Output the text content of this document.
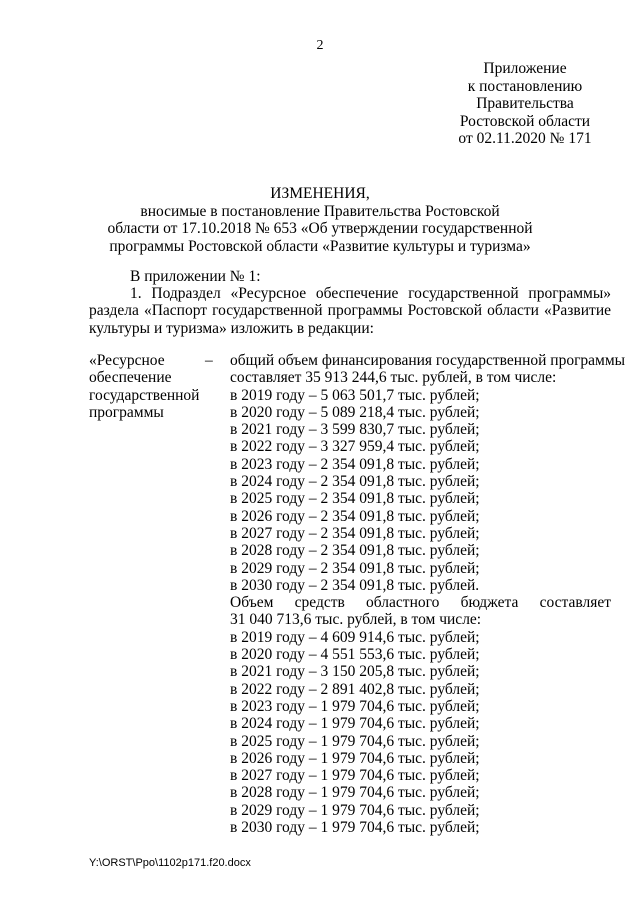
2
Приложение
к постановлению
Правительства
Ростовской области
от 02.11.2020 № 171
ИЗМЕНЕНИЯ,
вносимые в постановление Правительства Ростовской
области от 17.10.2018 № 653 «Об утверждении государственной
программы Ростовской области «Развитие культуры и туризма»
В приложении № 1:
1. Подраздел «Ресурсное обеспечение государственной программы» раздела «Паспорт государственной программы Ростовской области «Развитие культуры и туризма» изложить в редакции:
«Ресурсное
обеспечение
государственной
программы
– общий объем финансирования государственной программы
составляет 35 913 244,6 тыс. рублей, в том числе:
в 2019 году – 5 063 501,7 тыс. рублей;
в 2020 году – 5 089 218,4 тыс. рублей;
в 2021 году – 3 599 830,7 тыс. рублей;
в 2022 году – 3 327 959,4 тыс. рублей;
в 2023 году – 2 354 091,8 тыс. рублей;
в 2024 году – 2 354 091,8 тыс. рублей;
в 2025 году – 2 354 091,8 тыс. рублей;
в 2026 году – 2 354 091,8 тыс. рублей;
в 2027 году – 2 354 091,8 тыс. рублей;
в 2028 году – 2 354 091,8 тыс. рублей;
в 2029 году – 2 354 091,8 тыс. рублей;
в 2030 году – 2 354 091,8 тыс. рублей.
Объем средств областного бюджета составляет
31 040 713,6 тыс. рублей, в том числе:
в 2019 году – 4 609 914,6 тыс. рублей;
в 2020 году – 4 551 553,6 тыс. рублей;
в 2021 году – 3 150 205,8 тыс. рублей;
в 2022 году – 2 891 402,8 тыс. рублей;
в 2023 году – 1 979 704,6 тыс. рублей;
в 2024 году – 1 979 704,6 тыс. рублей;
в 2025 году – 1 979 704,6 тыс. рублей;
в 2026 году – 1 979 704,6 тыс. рублей;
в 2027 году – 1 979 704,6 тыс. рублей;
в 2028 году – 1 979 704,6 тыс. рублей;
в 2029 году – 1 979 704,6 тыс. рублей;
в 2030 году – 1 979 704,6 тыс. рублей;
Y:\ORST\Ppo\1102p171.f20.docx
